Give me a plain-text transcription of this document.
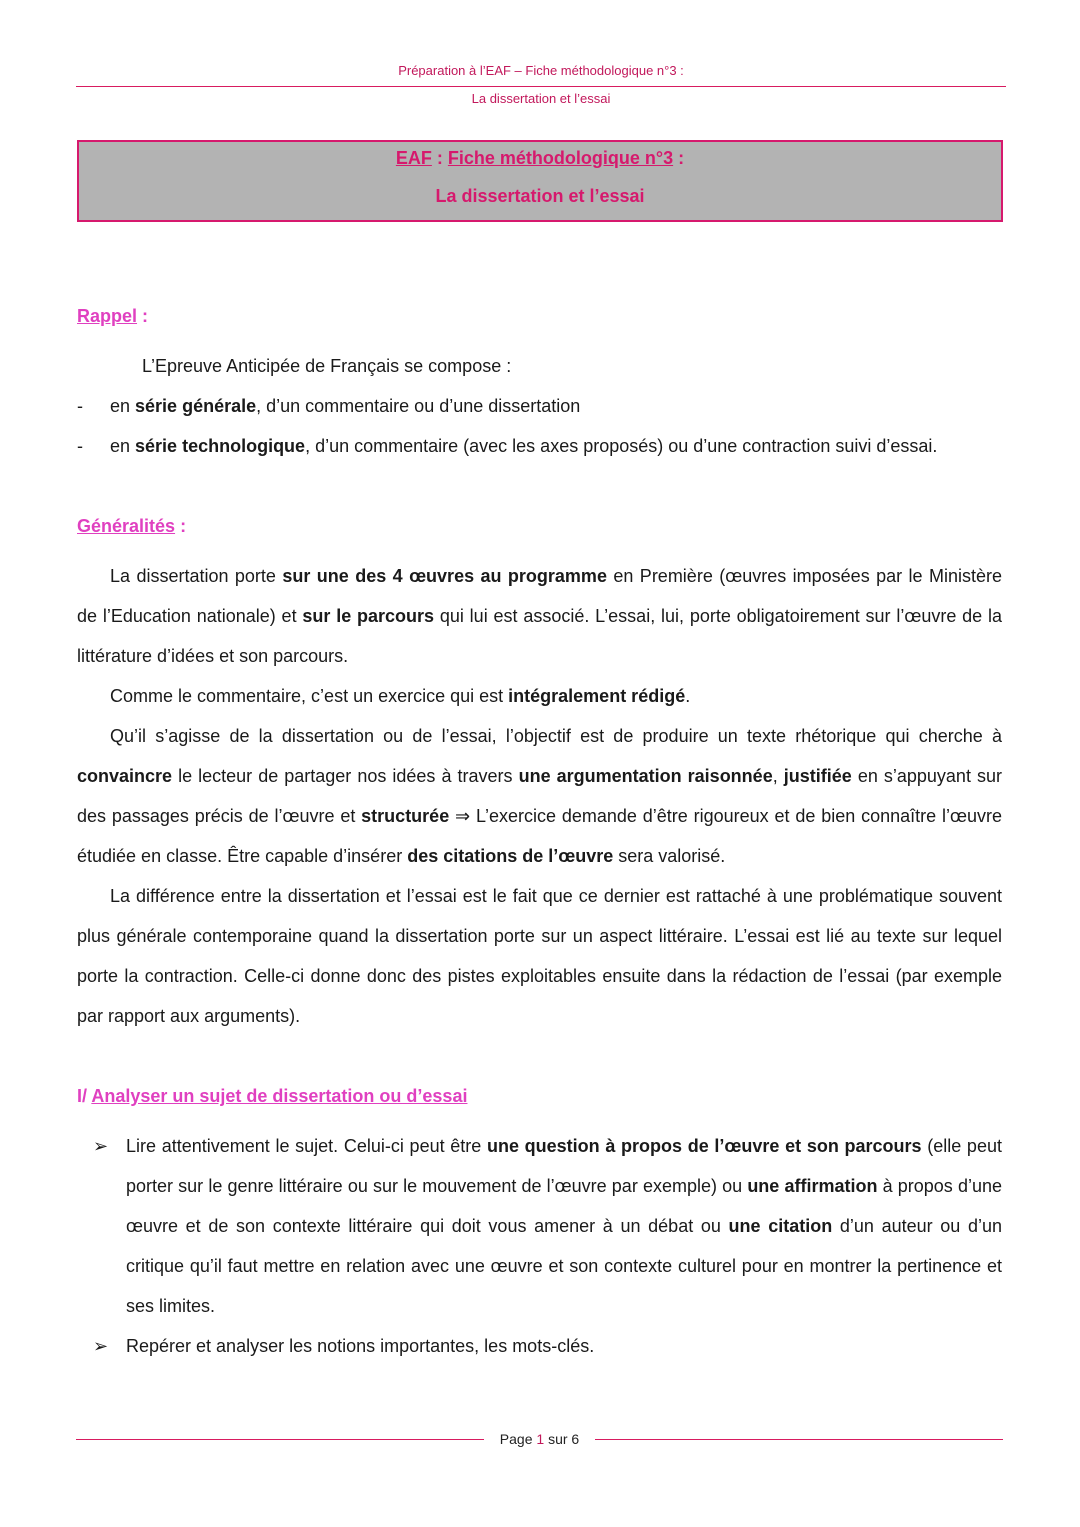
Préparation à l’EAF – Fiche méthodologique n°3 :
La dissertation et l’essai
EAF : Fiche méthodologique n°3 :
La dissertation et l’essai
Rappel :
L’Epreuve Anticipée de Français se compose :
- en série générale, d’un commentaire ou d’une dissertation
- en série technologique, d’un commentaire (avec les axes proposés) ou d’une contraction suivi d’essai.
Généralités :

La dissertation porte sur une des 4 œuvres au programme en Première (œuvres imposées par le Ministère de l’Education nationale) et sur le parcours qui lui est associé. L’essai, lui, porte obligatoirement sur l’œuvre de la littérature d’idées et son parcours.

Comme le commentaire, c’est un exercice qui est intégralement rédigé.

Qu’il s’agisse de la dissertation ou de l’essai, l’objectif est de produire un texte rhétorique qui cherche à convaincre le lecteur de partager nos idées à travers une argumentation raisonnée, justifiée en s’appuyant sur des passages précis de l’œuvre et structurée ⇒ L’exercice demande d’être rigoureux et de bien connaître l’œuvre étudiée en classe. Être capable d’insérer des citations de l’œuvre sera valorisé.

La différence entre la dissertation et l’essai est le fait que ce dernier est rattaché à une problématique souvent plus générale contemporaine quand la dissertation porte sur un aspect littéraire. L’essai est lié au texte sur lequel porte la contraction. Celle-ci donne donc des pistes exploitables ensuite dans la rédaction de l’essai (par exemple par rapport aux arguments).

I/ Analyser un sujet de dissertation ou d’essai
➢ Lire attentivement le sujet. Celui-ci peut être une question à propos de l’œuvre et son parcours (elle peut porter sur le genre littéraire ou sur le mouvement de l’œuvre par exemple) ou une affirmation à propos d’une œuvre et de son contexte littéraire qui doit vous amener à un débat ou une citation d’un auteur ou d’un critique qu’il faut mettre en relation avec une œuvre et son contexte culturel pour en montrer la pertinence et ses limites.
➢ Repérer et analyser les notions importantes, les mots-clés.
Page 1 sur 6
